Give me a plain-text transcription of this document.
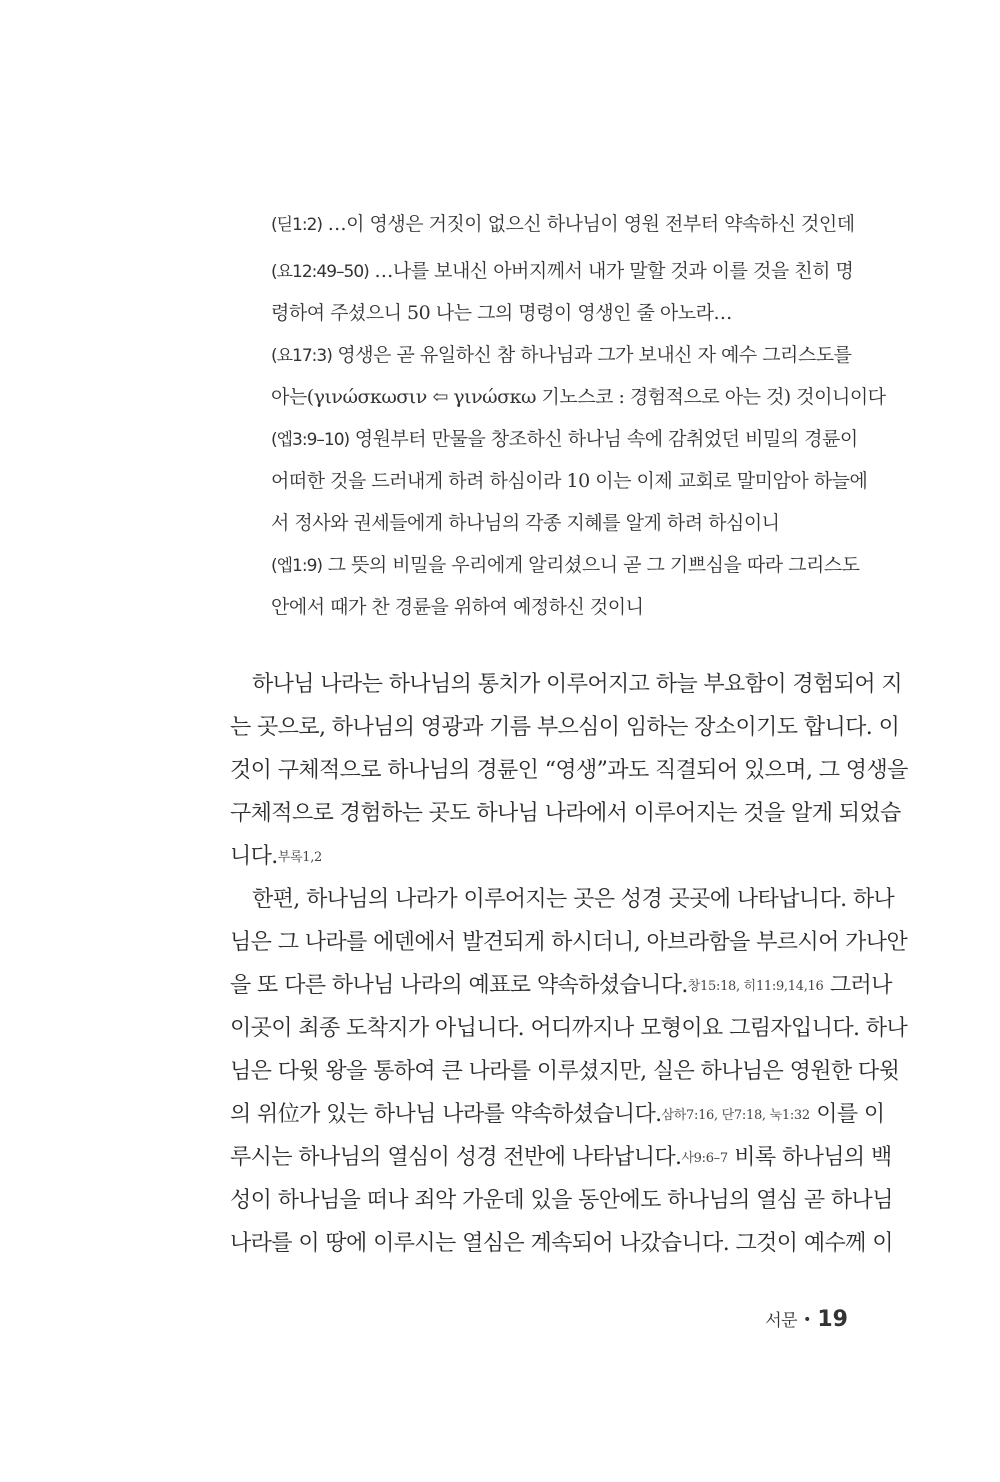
(딛1:2) …이 영생은 거짓이 없으신 하나님이 영원 전부터 약속하신 것인데
(요12:49–50) …나를 보내신 아버지께서 내가 말할 것과 이를 것을 친히 명
령하여 주셨으니 50 나는 그의 명령이 영생인 줄 아노라…
(요17:3) 영생은 곧 유일하신 참 하나님과 그가 보내신 자 예수 그리스도를
아는(γινώσκωσιν ⇦ γινώσκω 기노스코 : 경험적으로 아는 것) 것이니이다
(엡3:9–10) 영원부터 만물을 창조하신 하나님 속에 감취었던 비밀의 경륜이
어떠한 것을 드러내게 하려 하심이라 10 이는 이제 교회로 말미암아 하늘에
서 정사와 권세들에게 하나님의 각종 지혜를 알게 하려 하심이니
(엡1:9) 그 뜻의 비밀을 우리에게 알리셨으니 곧 그 기쁘심을 따라 그리스도
안에서 때가 찬 경륜을 위하여 예정하신 것이니
하나님 나라는 하나님의 통치가 이루어지고 하늘 부요함이 경험되어 지
는 곳으로, 하나님의 영광과 기름 부으심이 임하는 장소이기도 합니다. 이
것이 구체적으로 하나님의 경륜인 “영생”과도 직결되어 있으며, 그 영생을
구체적으로 경험하는 곳도 하나님 나라에서 이루어지는 것을 알게 되었습
니다.부록1,2
한편, 하나님의 나라가 이루어지는 곳은 성경 곳곳에 나타납니다. 하나
님은 그 나라를 에덴에서 발견되게 하시더니, 아브라함을 부르시어 가나안
을 또 다른 하나님 나라의 예표로 약속하셨습니다.창15:18, 히11:9,14,16 그러나
이곳이 최종 도착지가 아닙니다. 어디까지나 모형이요 그림자입니다. 하나
님은 다윗 왕을 통하여 큰 나라를 이루셨지만, 실은 하나님은 영원한 다윗
의 위位가 있는 하나님 나라를 약속하셨습니다.삼하7:16, 단7:18, 눅1:32 이를 이
루시는 하나님의 열심이 성경 전반에 나타납니다.사9:6–7 비록 하나님의 백
성이 하나님을 떠나 죄악 가운데 있을 동안에도 하나님의 열심 곧 하나님
나라를 이 땅에 이루시는 열심은 계속되어 나갔습니다. 그것이 예수께 이
서문 • 19
